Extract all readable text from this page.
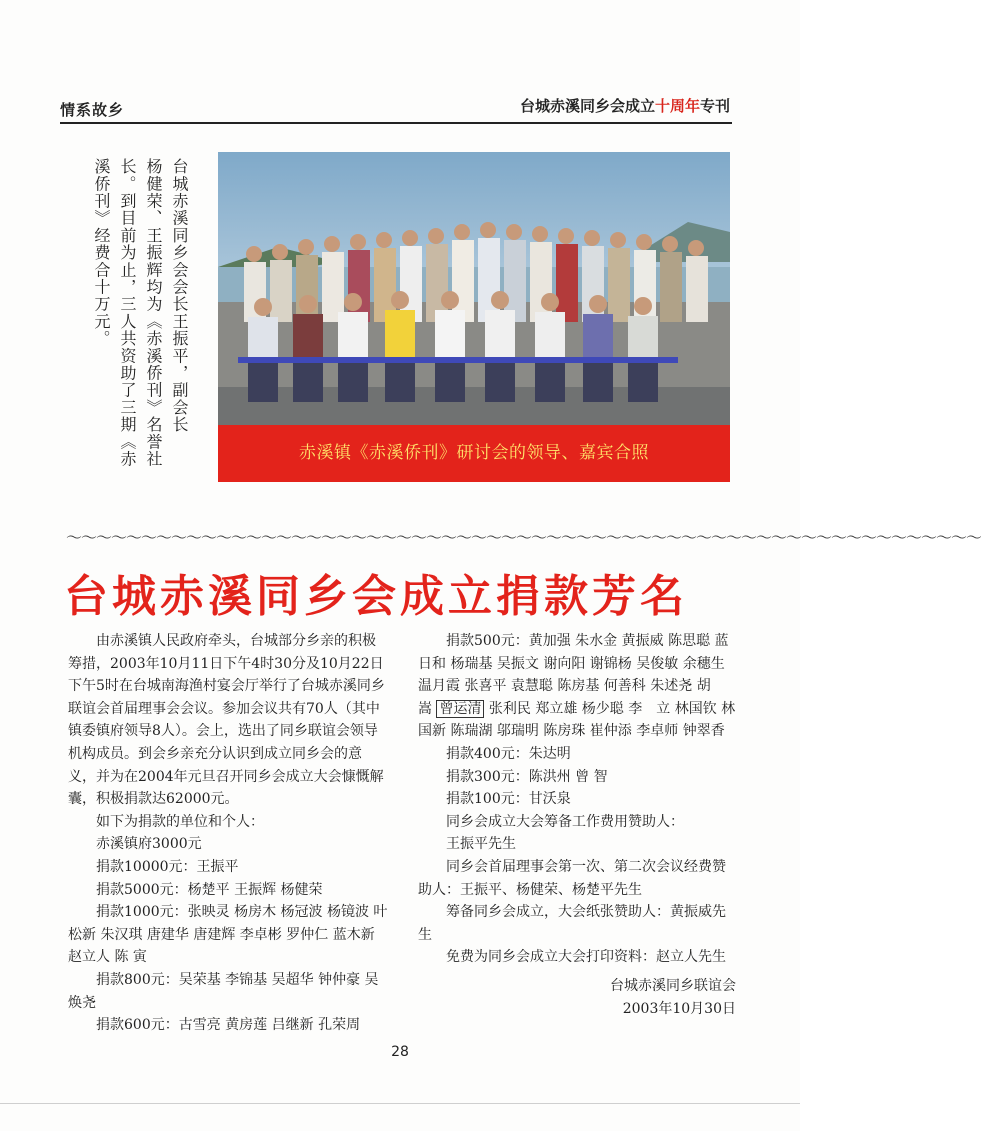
情系故乡	台城赤溪同乡会成立十周年专刊
台城赤溪同乡会会长王振平，副会长
杨健荣、王振辉均为《赤溪侨刊》名誉社
长。到目前为止，三人共资助了三期《赤
溪侨刊》经费合十万元。
赤溪镇《赤溪侨刊》研讨会的领导、嘉宾合照
～～～～～～～～～～～～～～～～～～～～～～～～～～～～～～～～～～～～～～～～～～～～～～～～～～～～～～～～～～～～～
台城赤溪同乡会成立捐款芳名

由赤溪镇人民政府牵头，台城部分乡亲的积极筹措，2003年10月11日下午4时30分及10月22日下午5时在台城南海渔村宴会厅举行了台城赤溪同乡联谊会首届理事会会议。参加会议共有70人（其中镇委镇府领导8人）。会上，选出了同乡联谊会领导机构成员。到会乡亲充分认识到成立同乡会的意义，并为在2004年元旦召开同乡会成立大会慷慨解囊，积极捐款达62000元。

如下为捐款的单位和个人：

赤溪镇府3000元

捐款10000元：王振平

捐款5000元：杨楚平 王振辉 杨健荣

捐款1000元：张映灵 杨房木 杨冠波 杨镜波 叶松新 朱汉琪 唐建华 唐建辉 李卓彬 罗仲仁 蓝木新 赵立人 陈 寅

捐款800元：吴荣基 李锦基 吴超华 钟仲豪 吴焕尧

捐款600元：古雪亮 黄房莲 吕继新 孔荣周

捐款500元：黄加强 朱水金 黄振威 陈思聪 蓝日和 杨瑞基 吴振文 谢向阳 谢锦杨 吴俊敏 余穗生 温月霞 张喜平 袁慧聪 陈房基 何善科 朱述尧 胡　嵩 曾运清 张利民 郑立雄 杨少聪 李　立 林国钦 林国新 陈瑞湖 邬瑞明 陈房珠 崔仲添 李卓师 钟翠香

捐款400元：朱达明

捐款300元：陈洪州 曾 智

捐款100元：甘沃泉

同乡会成立大会筹备工作费用赞助人：

王振平先生

同乡会首届理事会第一次、第二次会议经费赞助人：王振平、杨健荣、杨楚平先生

筹备同乡会成立，大会纸张赞助人：黄振威先生

免费为同乡会成立大会打印资料：赵立人先生

台城赤溪同乡联谊会

2003年10月30日

28
